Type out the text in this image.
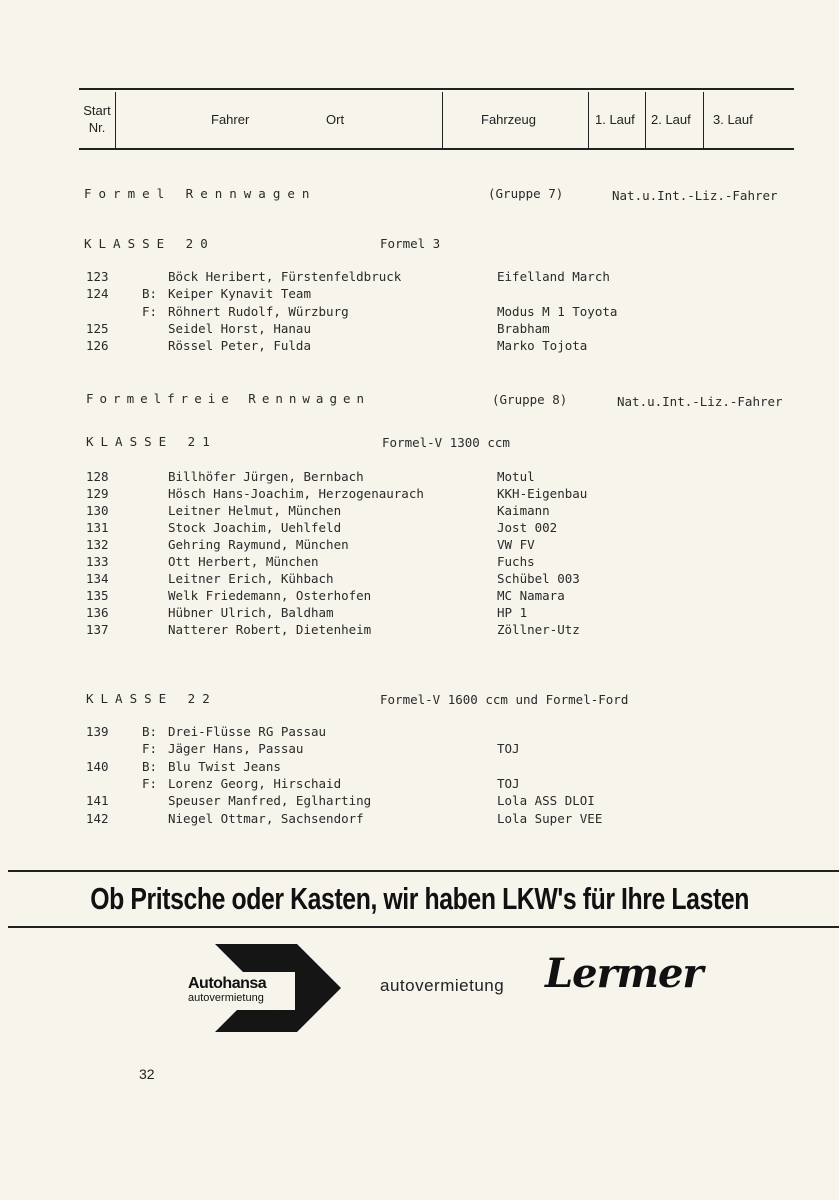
Start
Nr.
Fahrer	Ort	Fahrzeug	1. Lauf 2. Lauf 3. Lauf
Formel Rennwagen	(Gruppe 7)	Nat.u.Int.-Liz.-Fahrer
KLASSE 20	Formel 3
123	Böck Heribert, Fürstenfeldbruck	Eifelland March
124	B: Keiper Kynavit Team
F: Röhnert Rudolf, Würzburg	Modus M 1 Toyota
125	Seidel Horst, Hanau	Brabham
126	Rössel Peter, Fulda	Marko Tojota
Formelfreie Rennwagen	(Gruppe 8)	Nat.u.Int.-Liz.-Fahrer
KLASSE 21	Formel-V 1300 ccm
128	Billhöfer Jürgen, Bernbach	Motul
129	Hösch Hans-Joachim, Herzogenaurach	KKH-Eigenbau
130	Leitner Helmut, München	Kaimann
131	Stock Joachim, Uehlfeld	Jost 002
132	Gehring Raymund, München	VW FV
133	Ott Herbert, München	Fuchs
134	Leitner Erich, Kühbach	Schübel 003
135	Welk Friedemann, Osterhofen	MC Namara
136	Hübner Ulrich, Baldham	HP 1
137	Natterer Robert, Dietenheim	Zöllner-Utz
KLASSE 22	Formel-V 1600 ccm und Formel-Ford
139	B: Drei-Flüsse RG Passau
F: Jäger Hans, Passau	TOJ
140	B: Blu Twist Jeans
F: Lorenz Georg, Hirschaid	TOJ
141	Speuser Manfred, Eglharting	Lola ASS DLOI
142	Niegel Ottmar, Sachsendorf	Lola Super VEE
Ob Pritsche oder Kasten, wir haben LKW's für Ihre Lasten
Autohansa
autovermietung
autovermietung Lermer
32
